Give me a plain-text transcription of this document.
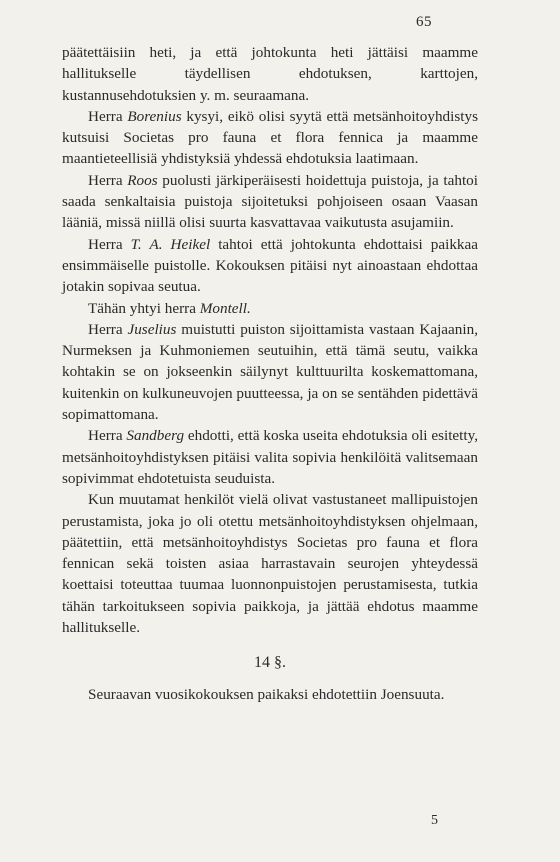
65

päätettäisiin heti, ja että johtokunta heti jättäisi maamme hallitukselle täydellisen ehdotuksen, karttojen, kustannusehdotuksien y. m. seuraamana.

Herra Borenius kysyi, eikö olisi syytä että metsänhoitoyhdistys kutsuisi Societas pro fauna et flora fennica ja maamme maantieteellisiä yhdistyksiä yhdessä ehdotuksia laatimaan.

Herra Roos puolusti järkiperäisesti hoidettuja puistoja, ja tahtoi saada senkaltaisia puistoja sijoitetuksi pohjoiseen osaan Vaasan lääniä, missä niillä olisi suurta kasvattavaa vaikutusta asujamiin.

Herra T. A. Heikel tahtoi että johtokunta ehdottaisi paikkaa ensimmäiselle puistolle. Kokouksen pitäisi nyt ainoastaan ehdottaa jotakin sopivaa seutua.

Tähän yhtyi herra Montell.

Herra Juselius muistutti puiston sijoittamista vastaan Kajaanin, Nurmeksen ja Kuhmoniemen seutuihin, että tämä seutu, vaikka kohtakin se on jokseenkin säilynyt kulttuurilta koskemattomana, kuitenkin on kulkuneuvojen puutteessa, ja on se sentähden pidettävä sopimattomana.

Herra Sandberg ehdotti, että koska useita ehdotuksia oli esitetty, metsänhoitoyhdistyksen pitäisi valita sopivia henkilöitä valitsemaan sopivimmat ehdotetuista seuduista.

Kun muutamat henkilöt vielä olivat vastustaneet mallipuistojen perustamista, joka jo oli otettu metsänhoitoyhdistyksen ohjelmaan, päätettiin, että metsänhoitoyhdistys Societas pro fauna et flora fennican sekä toisten asiaa harrastavain seurojen yhteydessä koettaisi toteuttaa tuumaa luonnonpuistojen perustamisesta, tutkia tähän tarkoitukseen sopivia paikkoja, ja jättää ehdotus maamme hallitukselle.

14 §.

Seuraavan vuosikokouksen paikaksi ehdotettiin Joensuuta.

5
